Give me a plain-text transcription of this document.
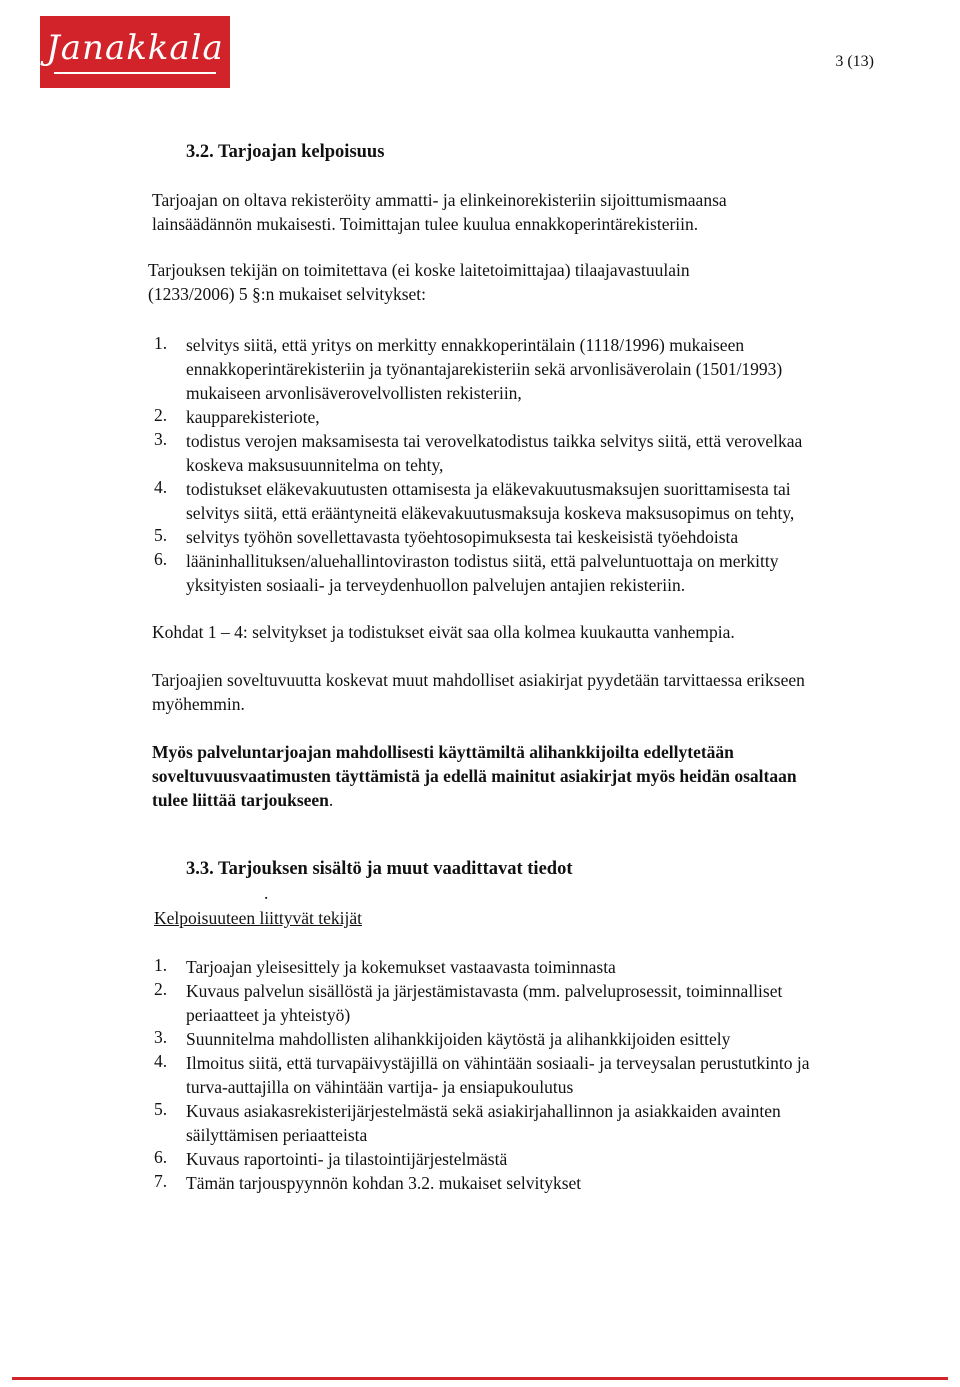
Janakkala	3 (13)
3.2. Tarjoajan kelpoisuus
Tarjoajan on oltava rekisteröity ammatti- ja elinkeinorekisteriin sijoittumismaansa
lainsäädännön mukaisesti. Toimittajan tulee kuulua ennakkoperintärekisteriin.
Tarjouksen tekijän on toimitettava (ei koske laitetoimittajaa) tilaajavastuulain
(1233/2006) 5 §:n mukaiset selvitykset:
1. selvitys siitä, että yritys on merkitty ennakkoperintälain (1118/1996) mukaiseen
ennakkoperintärekisteriin ja työnantajarekisteriin sekä arvonlisäverolain (1501/1993)
mukaiseen arvonlisäverovelvollisten rekisteriin,
2. kaupparekisteriote,
3. todistus verojen maksamisesta tai verovelkatodistus taikka selvitys siitä, että verovelkaa
koskeva maksusuunnitelma on tehty,
4. todistukset eläkevakuutusten ottamisesta ja eläkevakuutusmaksujen suorittamisesta tai
selvitys siitä, että erääntyneitä eläkevakuutusmaksuja koskeva maksusopimus on tehty,
5. selvitys työhön sovellettavasta työehtosopimuksesta tai keskeisistä työehdoista
6. lääninhallituksen/aluehallintoviraston todistus siitä, että palveluntuottaja on merkitty
yksityisten sosiaali- ja terveydenhuollon palvelujen antajien rekisteriin.
Kohdat 1 – 4: selvitykset ja todistukset eivät saa olla kolmea kuukautta vanhempia.
Tarjoajien soveltuvuutta koskevat muut mahdolliset asiakirjat pyydetään tarvittaessa erikseen
myöhemmin.
Myös palveluntarjoajan mahdollisesti käyttämiltä alihankkijoilta edellytetään
soveltuvuusvaatimusten täyttämistä ja edellä mainitut asiakirjat myös heidän osaltaan
tulee liittää tarjoukseen.
3.3. Tarjouksen sisältö ja muut vaadittavat tiedot
.
Kelpoisuuteen liittyvät tekijät
1. Tarjoajan yleisesittely ja kokemukset vastaavasta toiminnasta
2. Kuvaus palvelun sisällöstä ja järjestämistavasta (mm. palveluprosessit, toiminnalliset
periaatteet ja yhteistyö)
3. Suunnitelma mahdollisten alihankkijoiden käytöstä ja alihankkijoiden esittely
4. Ilmoitus siitä, että turvapäivystäjillä on vähintään sosiaali- ja terveysalan perustutkinto ja
turva-auttajilla on vähintään vartija- ja ensiapukoulutus
5. Kuvaus asiakasrekisterijärjestelmästä sekä asiakirjahallinnon ja asiakkaiden avainten
säilyttämisen periaatteista
6. Kuvaus raportointi- ja tilastointijärjestelmästä
7. Tämän tarjouspyynnön kohdan 3.2. mukaiset selvitykset
